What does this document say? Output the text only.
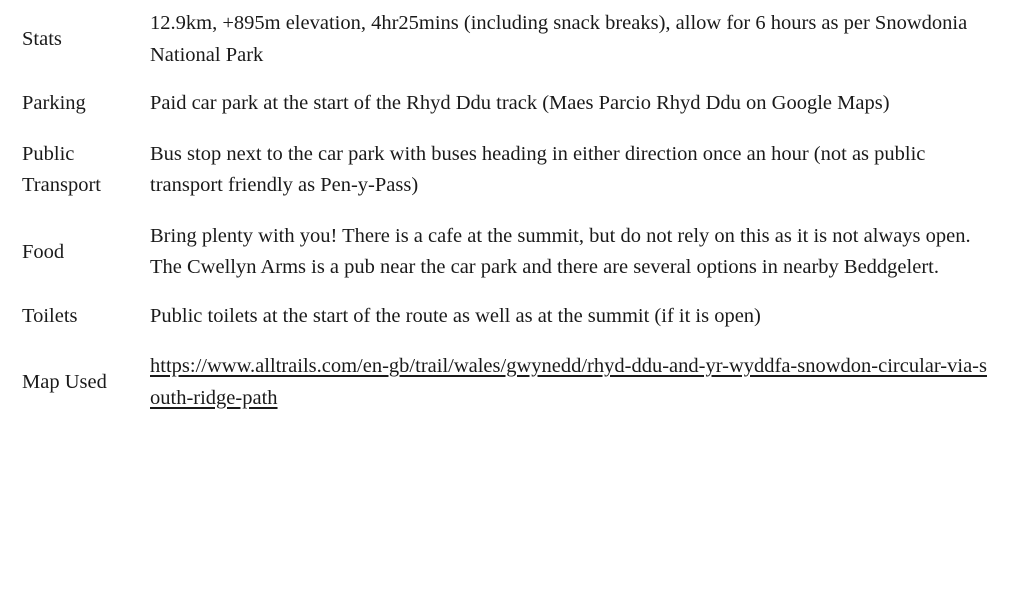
Stats	12.9km, +895m elevation, 4hr25mins (including snack breaks), allow for 6 hours as per Snowdonia National Park
Parking	Paid car park at the start of the Rhyd Ddu track (Maes Parcio Rhyd Ddu on Google Maps)
Public Transport	Bus stop next to the car park with buses heading in either direction once an hour (not as public transport friendly as Pen-y-Pass)
Food	Bring plenty with you! There is a cafe at the summit, but do not rely on this as it is not always open. The Cwellyn Arms is a pub near the car park and there are several options in nearby Beddgelert.
Toilets	Public toilets at the start of the route as well as at the summit (if it is open)
Map Used	https://www.alltrails.com/en-gb/trail/wales/gwynedd/rhyd-ddu-and-yr-wyddfa-snowdon-circular-via-south-ridge-path
